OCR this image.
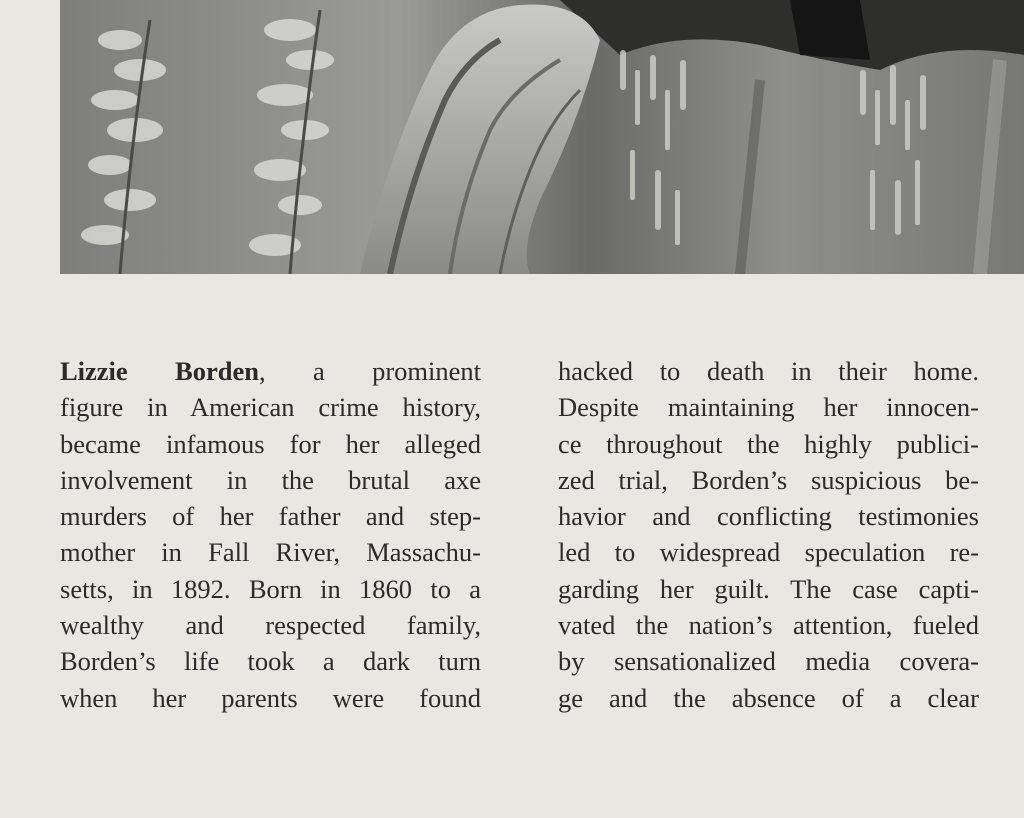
Lizzie Borden, a prominent
figure in American crime history,
became infamous for her alleged
involvement in the brutal axe
murders of her father and step-
mother in Fall River, Massachu-
setts, in 1892. Born in 1860 to a
wealthy and respected family,
Borden’s life took a dark turn
when her parents were found
hacked to death in their home.
Despite maintaining her innocen-
ce throughout the highly publici-
zed trial, Borden’s suspicious be-
havior and conflicting testimonies
led to widespread speculation re-
garding her guilt. The case capti-
vated the nation’s attention, fueled
by sensationalized media covera-
ge and the absence of a clear
